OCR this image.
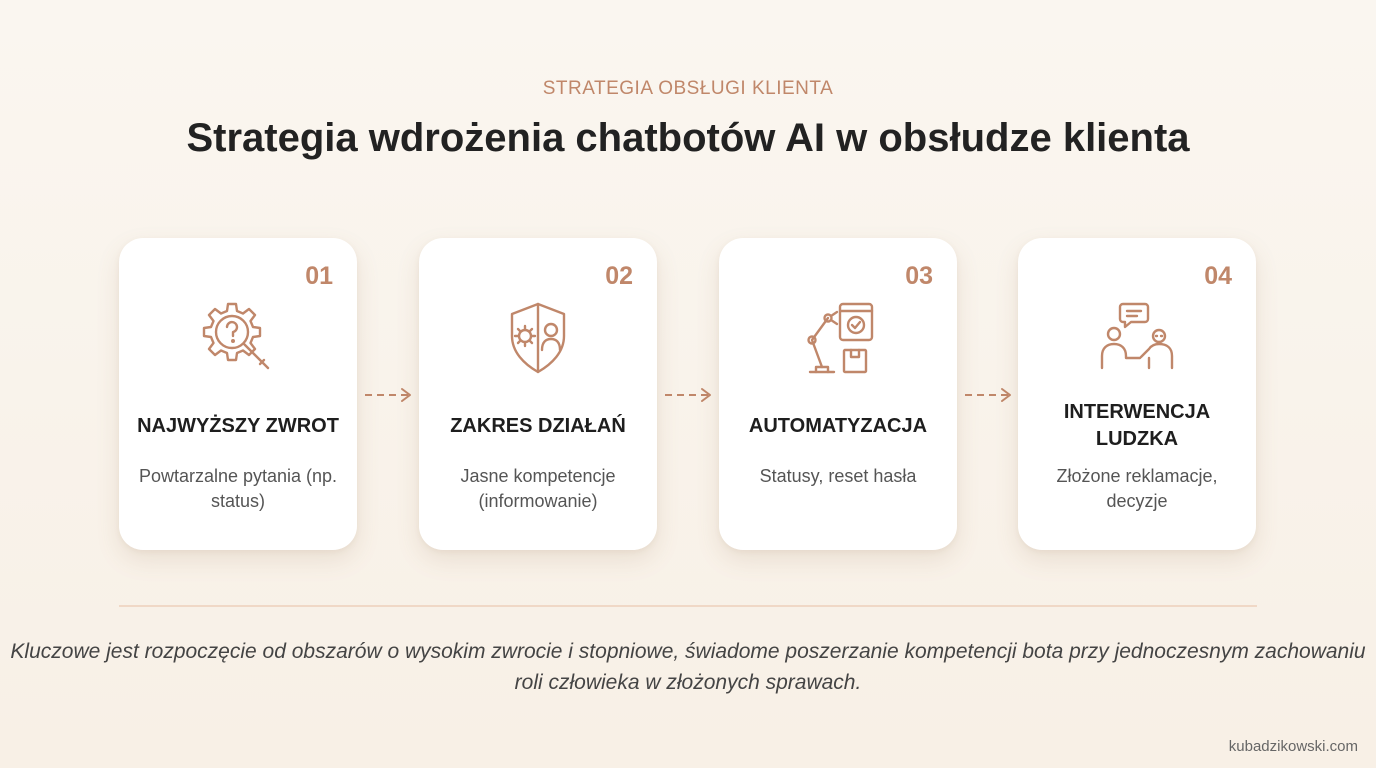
STRATEGIA OBSŁUGI KLIENTA
Strategia wdrożenia chatbotów AI w obsłudze klienta
01
NAJWYŻSZY ZWROT
Powtarzalne pytania (np. status)
02
ZAKRES DZIAŁAŃ
Jasne kompetencje (informowanie)
03
AUTOMATYZACJA
Statusy, reset hasła
04
INTERWENCJA LUDZKA
Złożone reklamacje, decyzje
Kluczowe jest rozpoczęcie od obszarów o wysokim zwrocie i stopniowe, świadome poszerzanie kompetencji bota przy jednoczesnym zachowaniu roli człowieka w złożonych sprawach.
kubadzikowski.com
